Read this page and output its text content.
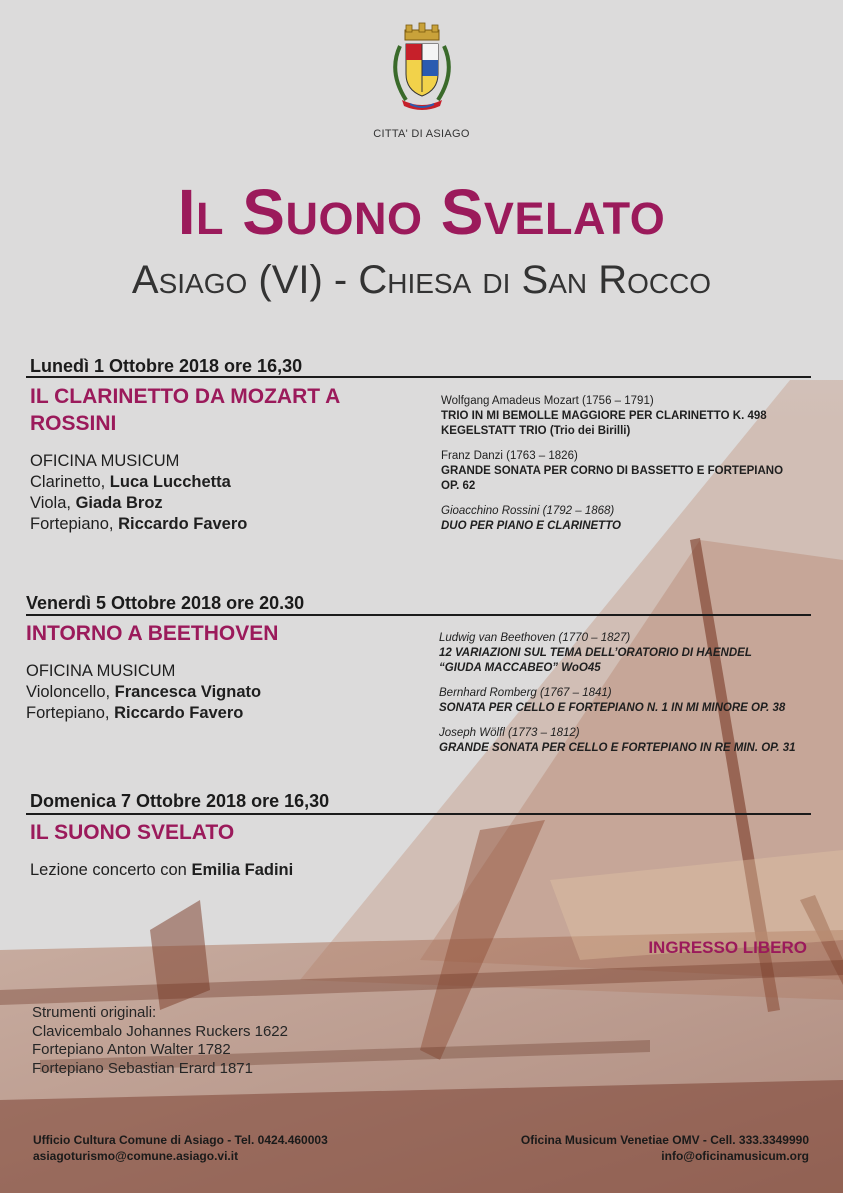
CITTA' DI ASIAGO
Il Suono Svelato
Asiago (VI) - Chiesa di San Rocco
Lunedì 1 Ottobre 2018 ore 16,30
IL CLARINETTO DA MOZART A
ROSSINI
OFICINA MUSICUM
Clarinetto, Luca Lucchetta
Viola, Giada Broz
Fortepiano, Riccardo Favero
Wolfgang Amadeus Mozart (1756 – 1791)
TRIO IN MI BEMOLLE MAGGIORE PER CLARINETTO K. 498
KEGELSTATT TRIO (Trio dei Birilli)
Franz Danzi (1763 – 1826)
GRANDE SONATA PER CORNO DI BASSETTO E FORTEPIANO
OP. 62
Gioacchino Rossini (1792 – 1868)
DUO PER PIANO E CLARINETTO
Venerdì 5 Ottobre 2018 ore 20.30
INTORNO A BEETHOVEN
OFICINA MUSICUM
Violoncello, Francesca Vignato
Fortepiano, Riccardo Favero
Ludwig van Beethoven (1770 – 1827)
12 VARIAZIONI SUL TEMA DELL’ORATORIO DI HAENDEL
“GIUDA MACCABEO” WoO45
Bernhard Romberg (1767 – 1841)
SONATA PER CELLO E FORTEPIANO N. 1 IN MI MINORE OP. 38
Joseph Wölfl (1773 – 1812)
GRANDE SONATA PER CELLO E FORTEPIANO IN RE MIN. OP. 31
Domenica 7 Ottobre 2018 ore 16,30
IL SUONO SVELATO
Lezione concerto con Emilia Fadini
INGRESSO LIBERO
Strumenti originali:
Clavicembalo Johannes Ruckers 1622
Fortepiano Anton Walter 1782
Fortepiano Sebastian Erard 1871
Ufficio Cultura Comune di Asiago - Tel. 0424.460003
asiagoturismo@comune.asiago.vi.it
Oficina Musicum Venetiae OMV - Cell. 333.3349990
info@oficinamusicum.org
